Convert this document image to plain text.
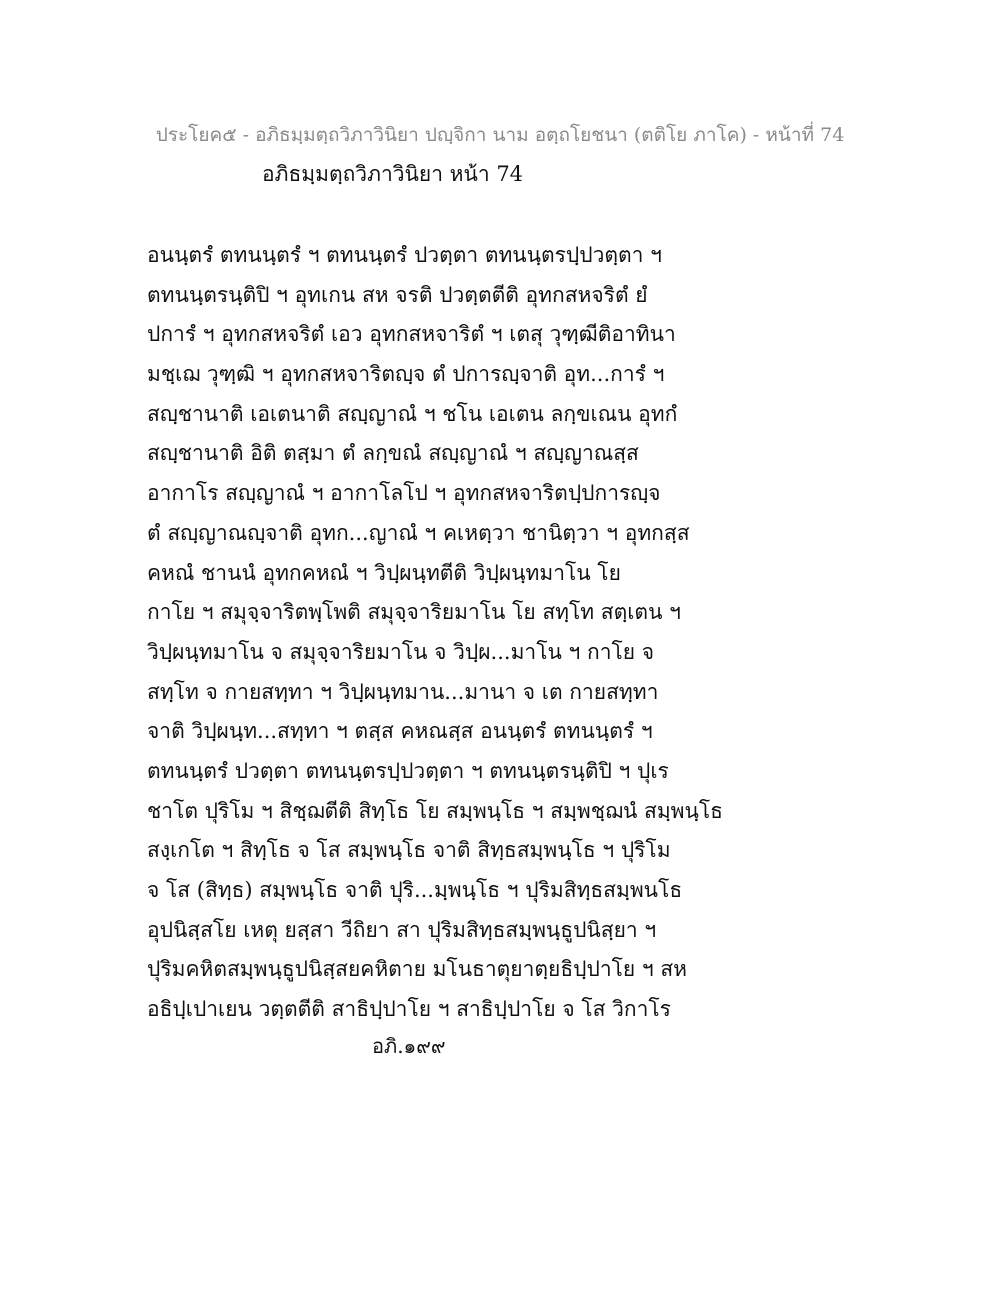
ประโยค๕ - อภิธมฺมตฺถวิภาวินิยา ปญฺจิกา นาม อตฺถโยชนา (ตติโย ภาโค) - หน้าที่ 74
อภิธมฺมตฺถวิภาวินิยา หน้า 74
อนนฺตรํ ตทนนฺตรํ ฯ ตทนนฺตรํ ปวตฺตา ตทนนฺตรปฺปวตฺตา ฯ
ตทนนฺตรนฺติปิ ฯ อุทเกน สห จรติ ปวตฺตตีติ อุทกสหจริตํ ยํ
ปการํ ฯ อุทกสหจริตํ เอว อุทกสหจาริตํ ฯ เตสุ วุฑฺฒีติอาทินา
มชฺเฌ วุฑฺฒิ ฯ อุทกสหจาริตญฺจ ตํ ปการญฺจาติ อุท...การํ ฯ
สญฺชานาติ เอเตนาติ สญฺญาณํ ฯ ชโน เอเตน ลกฺขเณน อุทกํ
สญฺชานาติ อิติ ตสฺมา ตํ ลกฺขณํ สญฺญาณํ ฯ สญฺญาณสฺส
อากาโร สญฺญาณํ ฯ อากาโลโป ฯ อุทกสหจาริตปฺปการญฺจ
ตํ สญฺญาณญฺจาติ อุทก...ญาณํ ฯ คเหตฺวา ชานิตฺวา ฯ อุทกสฺส
คหณํ ชานนํ อุทกคหณํ ฯ วิปฺผนฺทตีติ วิปฺผนฺทมาโน โย
กาโย ฯ สมุจฺจาริตพฺโพติ สมุจฺจาริยมาโน โย สทฺโท สตฺเตน ฯ
วิปฺผนฺทมาโน จ สมุจฺจาริยมาโน จ วิปฺผ...มาโน ฯ กาโย จ
สทฺโท จ กายสทฺทา ฯ วิปฺผนฺทมาน...มานา จ เต กายสทฺทา
จาติ วิปฺผนฺท...สทฺทา ฯ ตสฺส คหณสฺส อนนฺตรํ ตทนนฺตรํ ฯ
ตทนนฺตรํ ปวตฺตา ตทนนฺตรปฺปวตฺตา ฯ ตทนนฺตรนฺติปิ ฯ ปุเร
ชาโต ปุริโม ฯ สิชฺฌตีติ สิทฺโธ โย สมฺพนฺโธ ฯ สมฺพชฺฌนํ สมฺพนฺโธ
สงฺเกโต ฯ สิทฺโธ จ โส สมฺพนฺโธ จาติ สิทฺธสมฺพนฺโธ ฯ ปุริโม
จ โส (สิทฺธ) สมฺพนฺโธ จาติ ปุริ...มฺพนฺโธ ฯ ปุริมสิทฺธสมฺพนโธ
อุปนิสฺสโย เหตุ ยสฺสา วีถิยา สา ปุริมสิทฺธสมฺพนฺธูปนิสฺยา ฯ
ปุริมคหิตสมฺพนฺธูปนิสฺสยคหิตาย มโนธาตุยาตฺยธิปฺปาโย ฯ สห
อธิปฺเปาเยน วตฺตตีติ สาธิปฺปาโย ฯ สาธิปฺปาโย จ โส วิกาโร
อภิ.๑๙๙
